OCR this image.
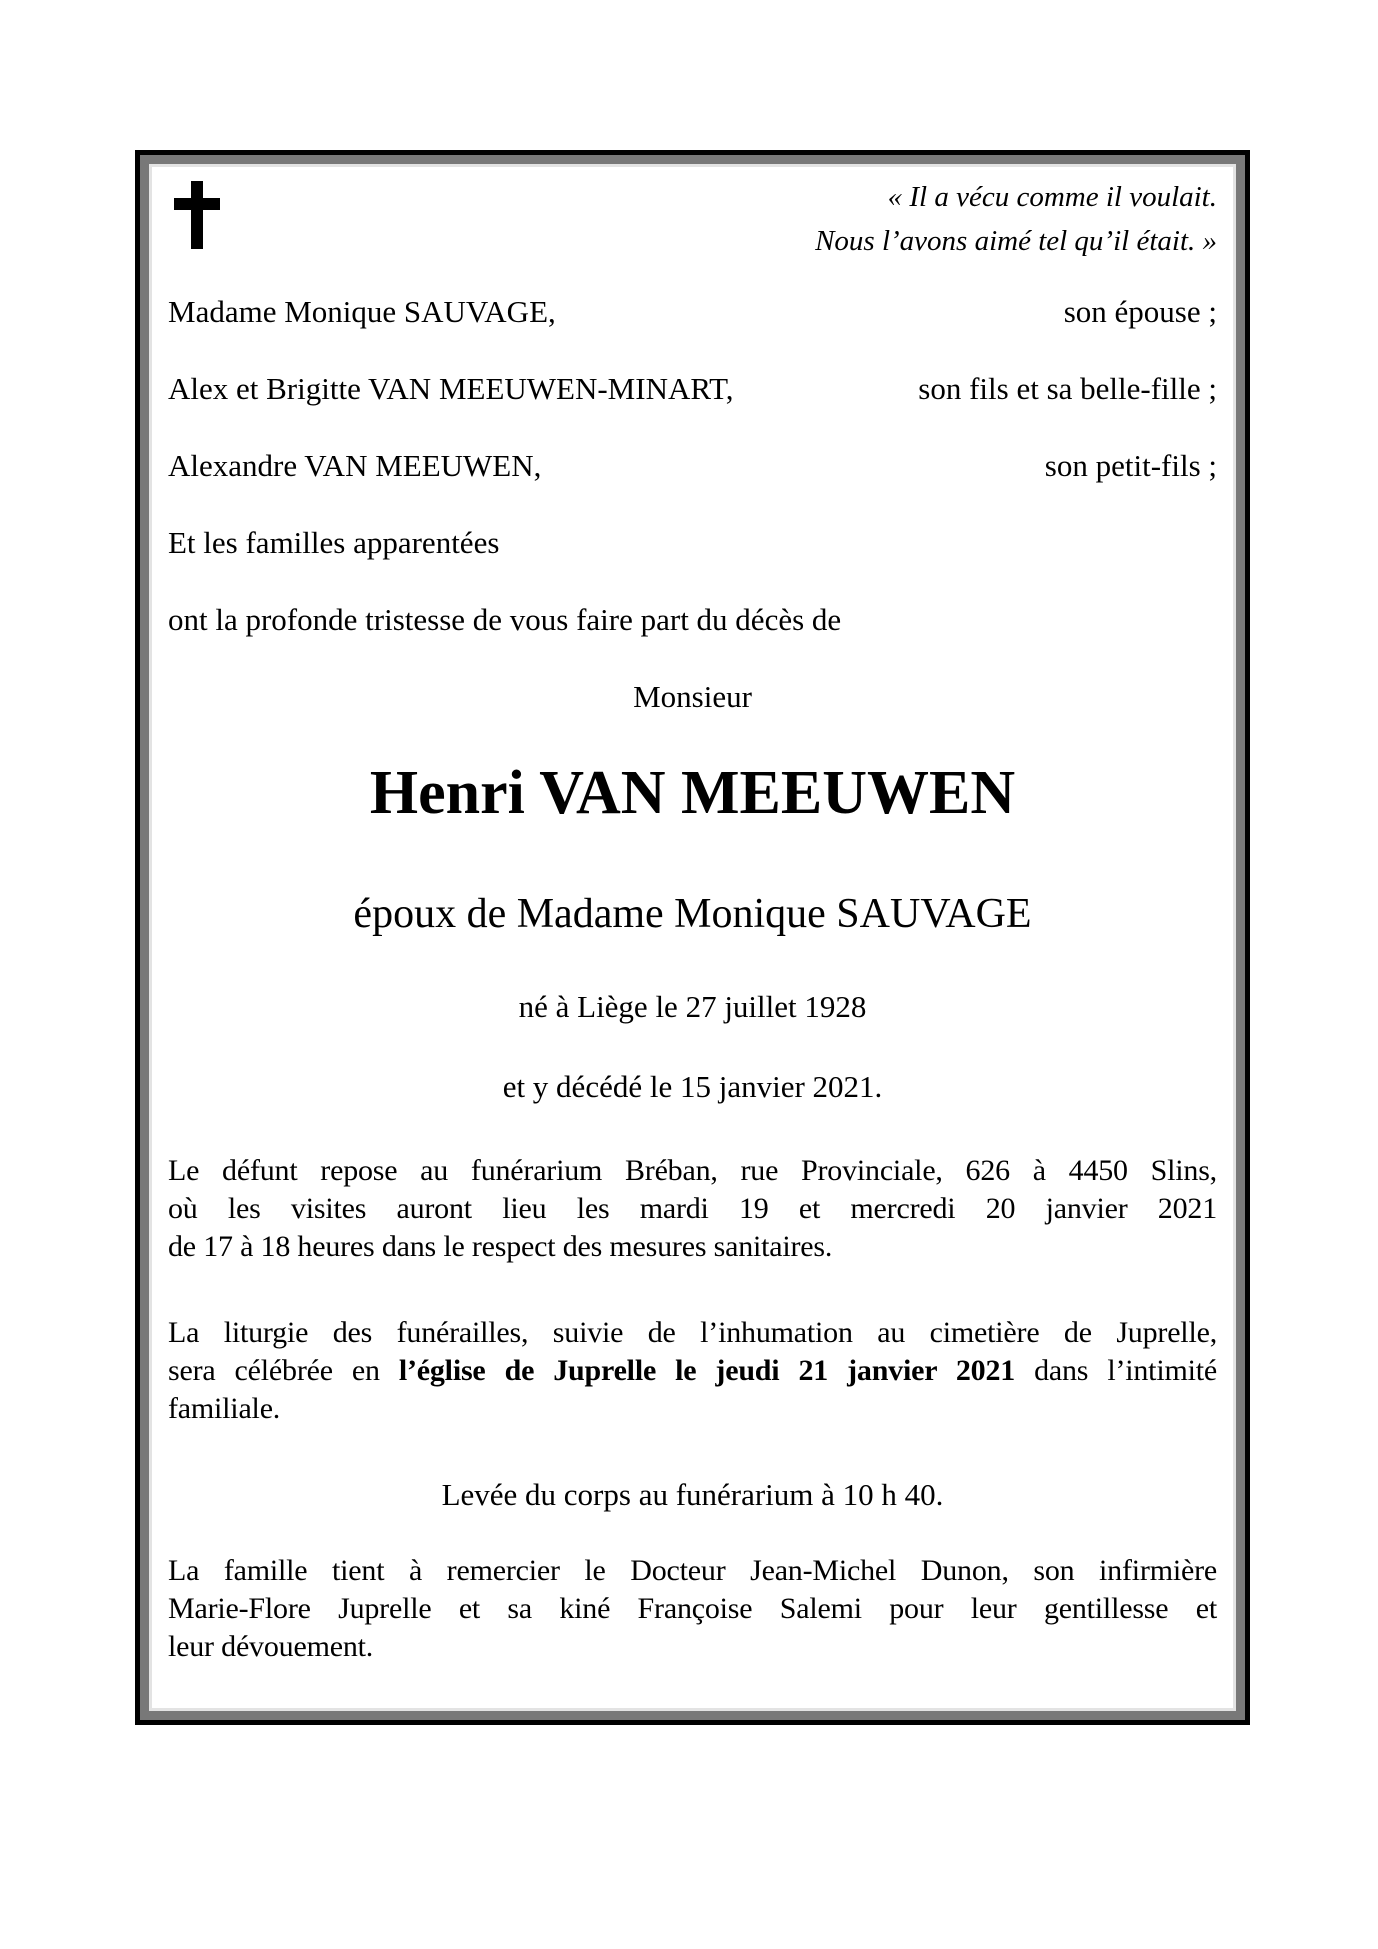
« Il a vécu comme il voulait.
Nous l’avons aimé tel qu’il était. »
Madame Monique SAUVAGE,	son épouse ;
Alex et Brigitte VAN MEEUWEN-MINART,	son fils et sa belle-fille ;
Alexandre VAN MEEUWEN,	son petit-fils ;
Et les familles apparentées
ont la profonde tristesse de vous faire part du décès de
Monsieur
Henri VAN MEEUWEN
époux de Madame Monique SAUVAGE
né à Liège le 27 juillet 1928
et y décédé le 15 janvier 2021.
Le défunt repose au funérarium Bréban, rue Provinciale, 626 à 4450 Slins,
où les visites auront lieu les mardi 19 et mercredi 20 janvier 2021
de 17 à 18 heures dans le respect des mesures sanitaires.
La liturgie des funérailles, suivie de l’inhumation au cimetière de Juprelle,
sera célébrée en l’église de Juprelle le jeudi 21 janvier 2021 dans l’intimité
familiale.
Levée du corps au funérarium à 10 h 40.
La famille tient à remercier le Docteur Jean-Michel Dunon, son infirmière
Marie-Flore Juprelle et sa kiné Françoise Salemi pour leur gentillesse et
leur dévouement.
